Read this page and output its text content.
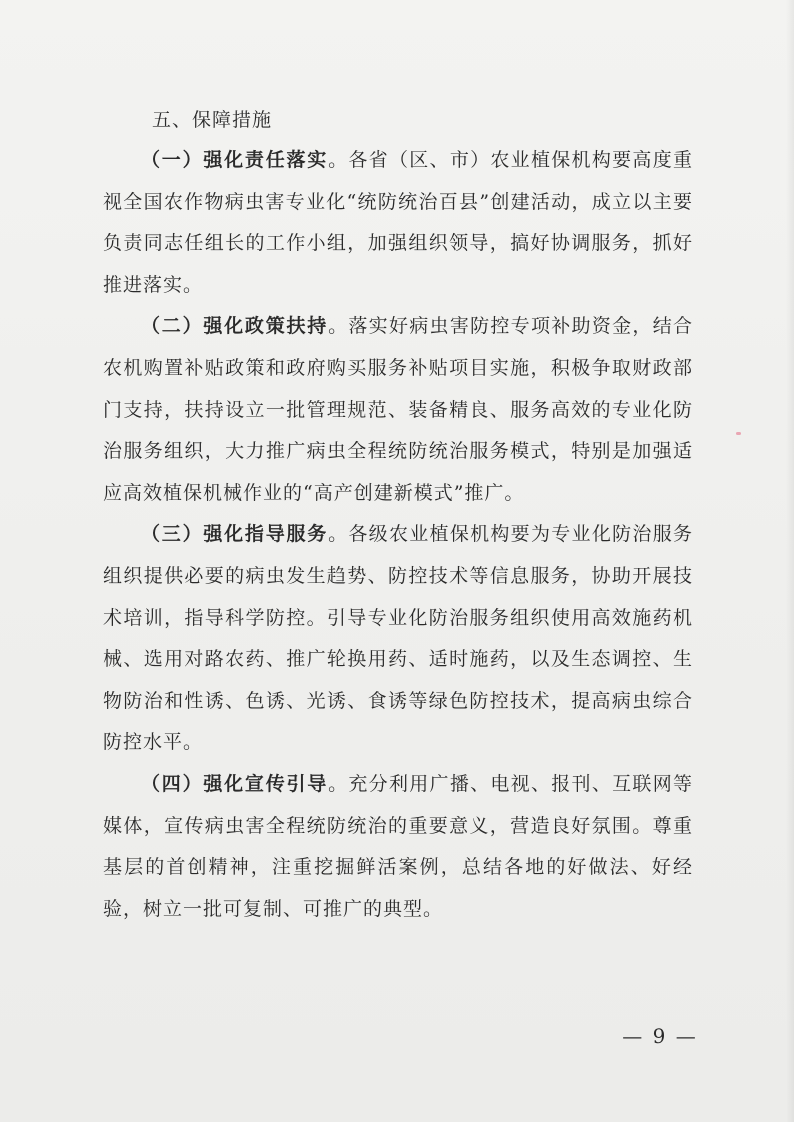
五、保障措施

（一）强化责任落实。各省（区、市）农业植保机构要高度重视全国农作物病虫害专业化“统防统治百县”创建活动，成立以主要负责同志任组长的工作小组，加强组织领导，搞好协调服务，抓好推进落实。

（二）强化政策扶持。落实好病虫害防控专项补助资金，结合农机购置补贴政策和政府购买服务补贴项目实施，积极争取财政部门支持，扶持设立一批管理规范、装备精良、服务高效的专业化防治服务组织，大力推广病虫全程统防统治服务模式，特别是加强适应高效植保机械作业的“高产创建新模式”推广。

（三）强化指导服务。各级农业植保机构要为专业化防治服务组织提供必要的病虫发生趋势、防控技术等信息服务，协助开展技术培训，指导科学防控。引导专业化防治服务组织使用高效施药机械、选用对路农药、推广轮换用药、适时施药，以及生态调控、生物防治和性诱、色诱、光诱、食诱等绿色防控技术，提高病虫综合防控水平。

（四）强化宣传引导。充分利用广播、电视、报刊、互联网等媒体，宣传病虫害全程统防统治的重要意义，营造良好氛围。尊重基层的首创精神，注重挖掘鲜活案例，总结各地的好做法、好经验，树立一批可复制、可推广的典型。

— 9 —
